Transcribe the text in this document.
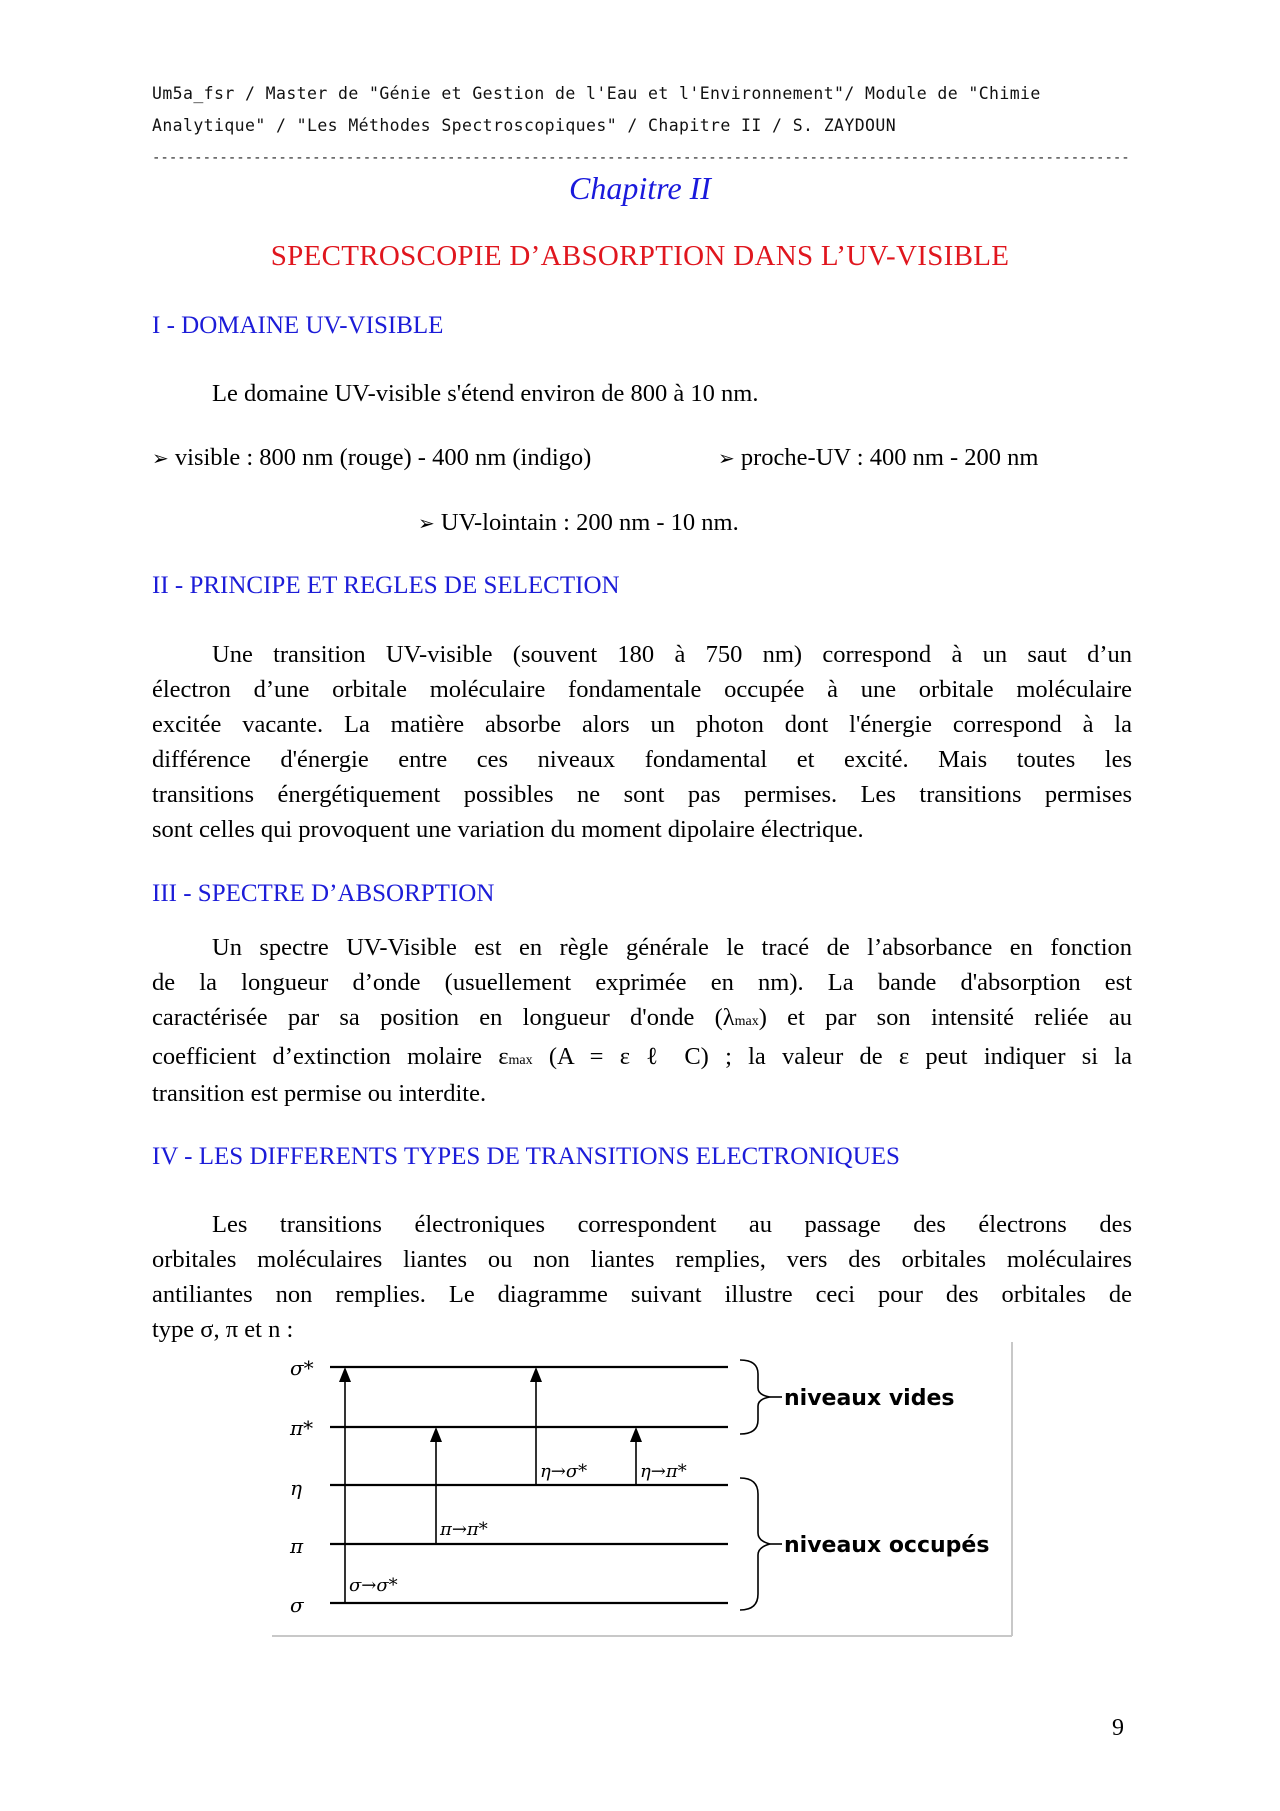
Um5a_fsr / Master de "Génie et Gestion de l'Eau et l'Environnement"/ Module de "Chimie
Analytique" / "Les Méthodes Spectroscopiques" / Chapitre II / S. ZAYDOUN
--------------------------------------------------------------------------------------------------------------------
Chapitre II
SPECTROSCOPIE D’ABSORPTION DANS L’UV-VISIBLE
I - DOMAINE UV-VISIBLE
Le domaine UV-visible s'étend environ de 800 à 10 nm.
➢ visible : 800 nm (rouge) - 400 nm (indigo)	➢ proche-UV : 400 nm - 200 nm
➢ UV-lointain : 200 nm - 10 nm.
II - PRINCIPE ET REGLES DE SELECTION
Une transition UV-visible (souvent 180 à 750 nm) correspond à un saut d’un
électron d’une orbitale moléculaire fondamentale occupée à une orbitale moléculaire
excitée vacante. La matière absorbe alors un photon dont l'énergie correspond à la
différence d'énergie entre ces niveaux fondamental et excité. Mais toutes les
transitions énergétiquement possibles ne sont pas permises. Les transitions permises
sont celles qui provoquent une variation du moment dipolaire électrique.
III - SPECTRE D’ABSORPTION
Un spectre UV-Visible est en règle générale le tracé de l’absorbance en fonction
de la longueur d’onde (usuellement exprimée en nm). La bande d'absorption est
caractérisée par sa position en longueur d'onde (λmax) et par son intensité reliée au
coefficient d’extinction molaire εmax (A = ε ℓ C) ; la valeur de ε peut indiquer si la
transition est permise ou interdite.
IV - LES DIFFERENTS TYPES DE TRANSITIONS ELECTRONIQUES
Les transitions électroniques correspondent au passage des électrons des
orbitales moléculaires liantes ou non liantes remplies, vers des orbitales moléculaires
antiliantes non remplies. Le diagramme suivant illustre ceci pour des orbitales de
type σ, π et n :
σ*
π*
η
π
σ
σ→σ*
π→π*
η→σ*	η→π*
niveaux vides
niveaux occupés
9
